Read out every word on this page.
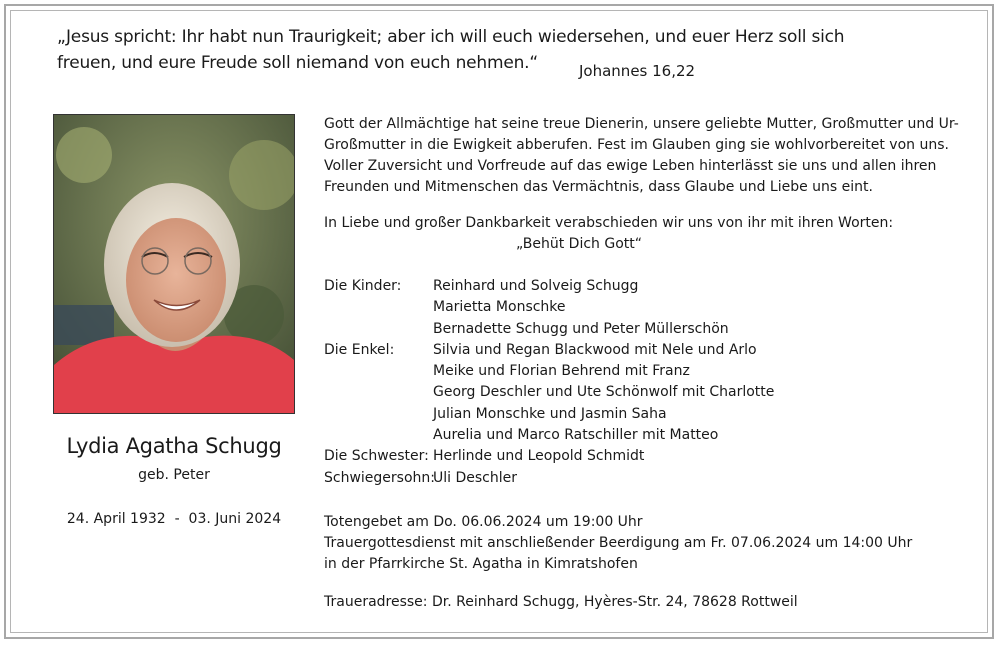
„Jesus spricht: Ihr habt nun Traurigkeit; aber ich will euch wiedersehen, und euer Herz soll sich
freuen, und eure Freude soll niemand von euch nehmen.“	Johannes 16,22
Lydia Agatha Schugg
geb. Peter
24. April 1932  -  03. Juni 2024
Gott der Allmächtige hat seine treue Dienerin, unsere geliebte Mutter, Großmutter und Ur-
Großmutter in die Ewigkeit abberufen. Fest im Glauben ging sie wohlvorbereitet von uns.
Voller Zuversicht und Vorfreude auf das ewige Leben hinterlässt sie uns und allen ihren
Freunden und Mitmenschen das Vermächtnis, dass Glaube und Liebe uns eint.
In Liebe und großer Dankbarkeit verabschieden wir uns von ihr mit ihren Worten:
„Behüt Dich Gott“
Die Kinder: Reinhard und Solveig Schugg
Marietta Monschke
Bernadette Schugg und Peter Müllerschön
Die Enkel:	Silvia und Regan Blackwood mit Nele und Arlo
Meike und Florian Behrend mit Franz
Georg Deschler und Ute Schönwolf mit Charlotte
Julian Monschke und Jasmin Saha
Aurelia und Marco Ratschiller mit Matteo
Die Schwester: Herlinde und Leopold Schmidt
Schwiegersohn:
Uli Deschler
Totengebet am Do. 06.06.2024 um 19:00 Uhr
Trauergottesdienst mit anschließender Beerdigung am Fr. 07.06.2024 um 14:00 Uhr
in der Pfarrkirche St. Agatha in Kimratshofen
Traueradresse: Dr. Reinhard Schugg, Hyères-Str. 24, 78628 Rottweil
